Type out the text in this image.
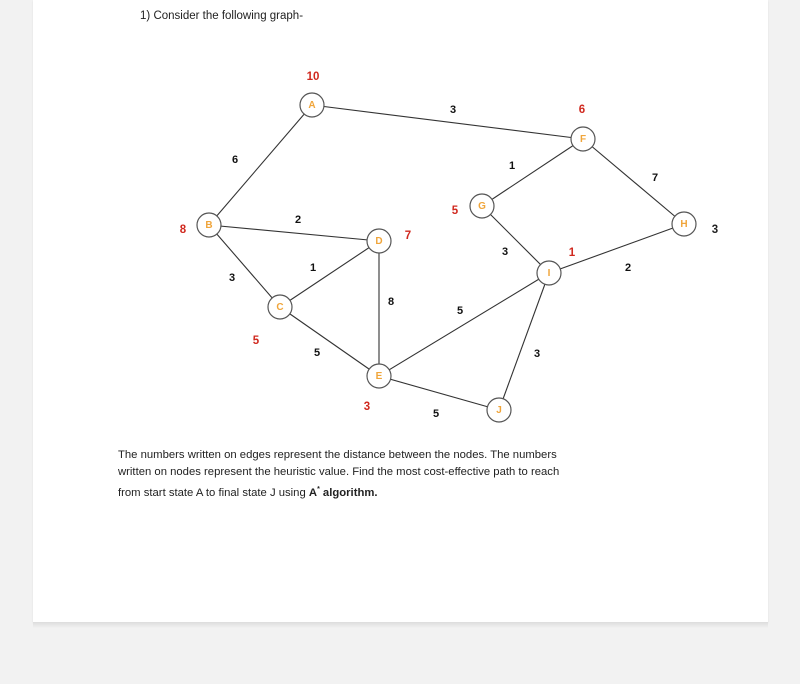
1) Consider the following graph-
3
6
2
3
1
5
8
1
7
3
2
5
3
5
A
B
C
D
E
F
G
H
I
J
10
8
5
7
3
6
5
3
1

The numbers written on edges represent the distance between the nodes. The numbers

written on nodes represent the heuristic value. Find the most cost-effective path to reach

from start state A to final state J using A* algorithm.
